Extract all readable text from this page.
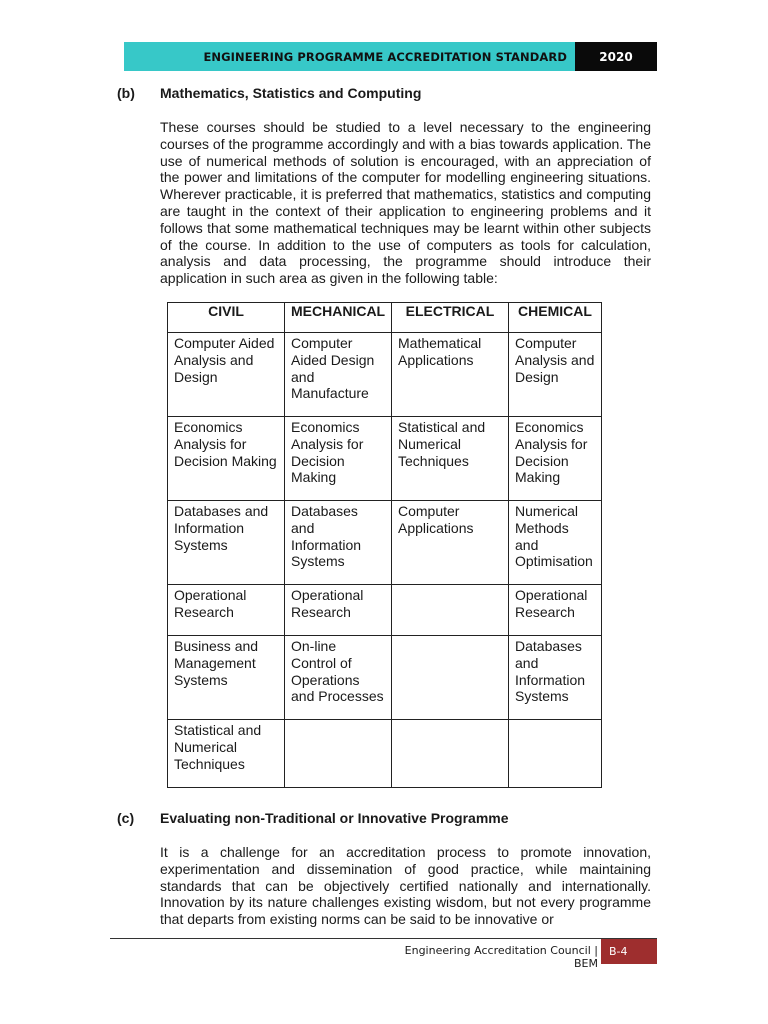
ENGINEERING PROGRAMME ACCREDITATION STANDARD	2020
(b) Mathematics, Statistics and Computing

These courses should be studied to a level necessary to the engineering courses of the programme accordingly and with a bias towards application. The use of numerical methods of solution is encouraged, with an appreciation of the power and limitations of the computer for modelling engineering situations. Wherever practicable, it is preferred that mathematics, statistics and computing are taught in the context of their application to engineering problems and it follows that some mathematical techniques may be learnt within other subjects of the course. In addition to the use of computers as tools for calculation, analysis and data processing, the programme should introduce their application in such area as given in the following table:

CIVIL	MECHANICAL	ELECTRICAL	CHEMICAL
Computer Aided Analysis and Design	Computer Aided Design and Manufacture	Mathematical Applications	Computer Analysis and Design
Economics Analysis for Decision Making	Economics Analysis for Decision Making	Statistical and Numerical Techniques	Economics Analysis for Decision Making
Databases and Information Systems	Databases and Information Systems	Computer Applications	Numerical Methods and Optimisation
Operational Research	Operational Research		Operational Research
Business and Management Systems	On-line Control of Operations and Processes		Databases and Information Systems
Statistical and Numerical Techniques			
(c) Evaluating non-Traditional or Innovative Programme

It is a challenge for an accreditation process to promote innovation, experimentation and dissemination of good practice, while maintaining standards that can be objectively certified nationally and internationally. Innovation by its nature challenges existing wisdom, but not every programme that departs from existing norms can be said to be innovative or

Engineering Accreditation Council | BEM
B-4
